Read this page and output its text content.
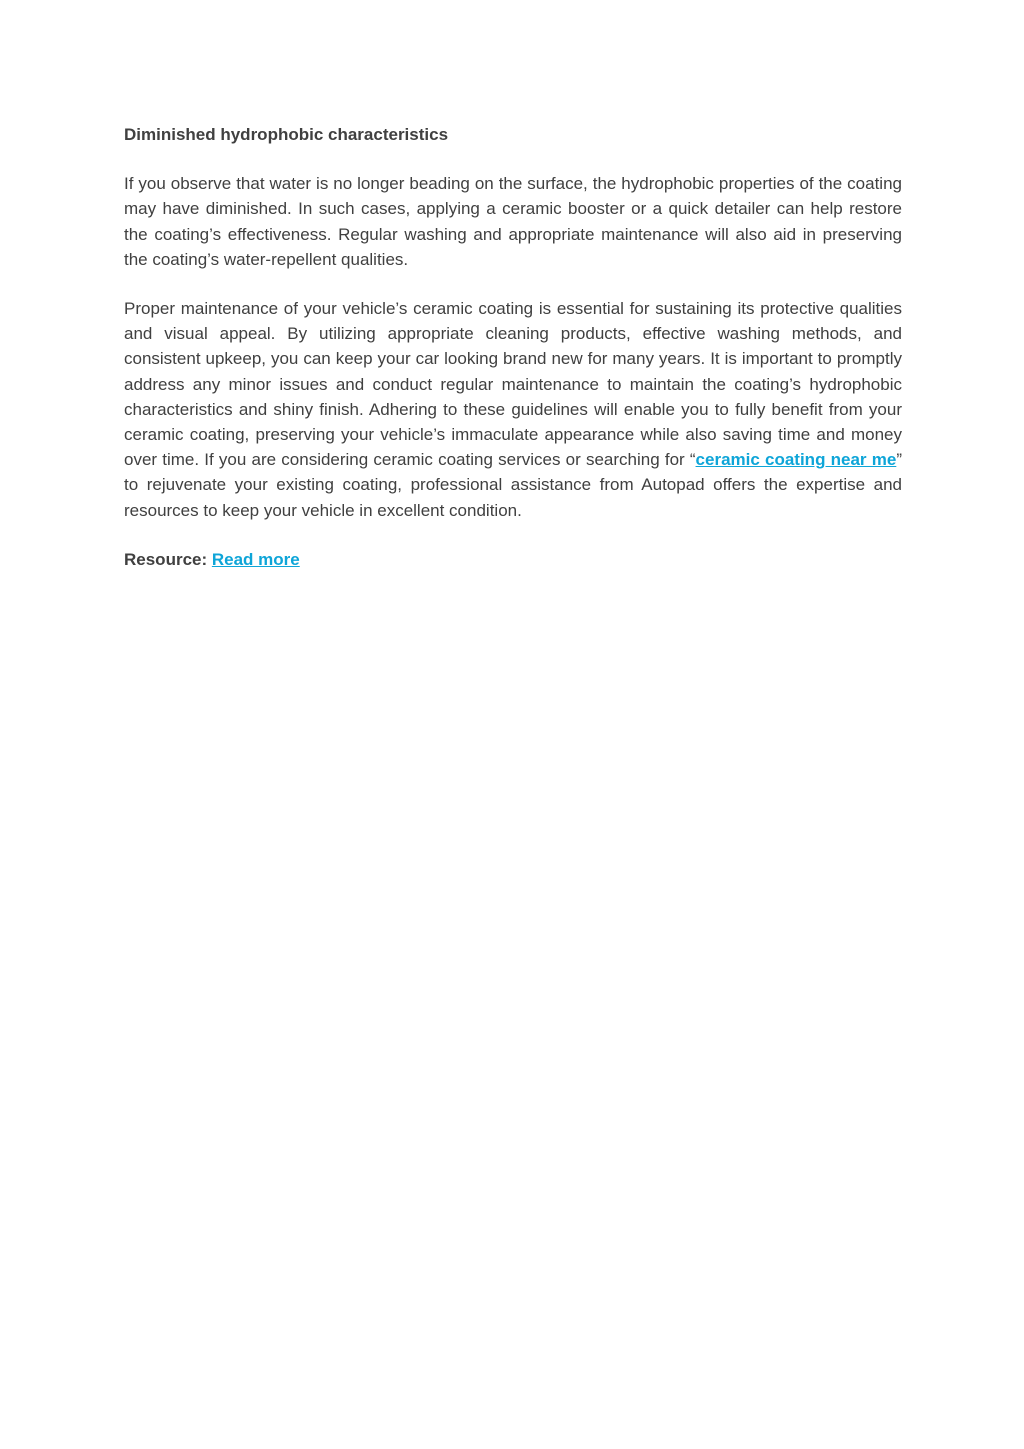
Diminished hydrophobic characteristics

If you observe that water is no longer beading on the surface, the hydrophobic properties of the coating may have diminished. In such cases, applying a ceramic booster or a quick detailer can help restore the coating’s effectiveness. Regular washing and appropriate maintenance will also aid in preserving the coating’s water-repellent qualities.

Proper maintenance of your vehicle’s ceramic coating is essential for sustaining its protective qualities and visual appeal. By utilizing appropriate cleaning products, effective washing methods, and consistent upkeep, you can keep your car looking brand new for many years. It is important to promptly address any minor issues and conduct regular maintenance to maintain the coating’s hydrophobic characteristics and shiny finish. Adhering to these guidelines will enable you to fully benefit from your ceramic coating, preserving your vehicle’s immaculate appearance while also saving time and money over time. If you are considering ceramic coating services or searching for “ceramic coating near me” to rejuvenate your existing coating, professional assistance from Autopad offers the expertise and resources to keep your vehicle in excellent condition.

Resource: Read more
